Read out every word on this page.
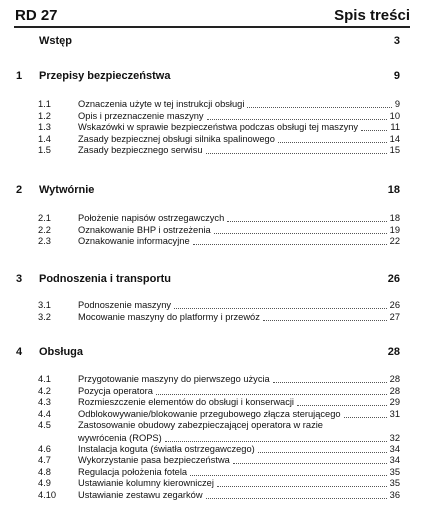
RD 27	Spis treści
Wstęp	3
1 Przepisy bezpieczeństwa	9
1.1	Oznaczenia użyte w tej instrukcji obsługi	9
1.2	Opis i przeznaczenie maszyny	10
1.3	Wskazówki w sprawie bezpieczeństwa podczas obsługi tej maszyny	11
1.4	Zasady bezpiecznej obsługi silnika spalinowego	14
1.5	Zasady bezpiecznego serwisu	15
2 Wytwórnie	18
2.1	Położenie napisów ostrzegawczych	18
2.2	Oznakowanie BHP i ostrzeżenia	19
2.3	Oznakowanie informacyjne	22
3 Podnoszenia i transportu	26
3.1	Podnoszenie maszyny	26
3.2	Mocowanie maszyny do platformy i przewóz	27
4 Obsługa	28
4.1	Przygotowanie maszyny do pierwszego użycia	28
4.2	Pozycja operatora	28
4.3	Rozmieszczenie elementów do obsługi i konserwacji	29
4.4	Odblokowywanie/blokowanie przegubowego złącza sterującego	31
4.5	Zastosowanie obudowy zabezpieczającej operatora w razie
wywrócenia (ROPS)	32
4.6	Instalacja koguta (światła ostrzegawczego)	34
4.7	Wykorzystanie pasa bezpieczeństwa	34
4.8	Regulacja położenia fotela	35
4.9	Ustawianie kolumny kierowniczej	35
4.10 Ustawianie zestawu zegarków	36
